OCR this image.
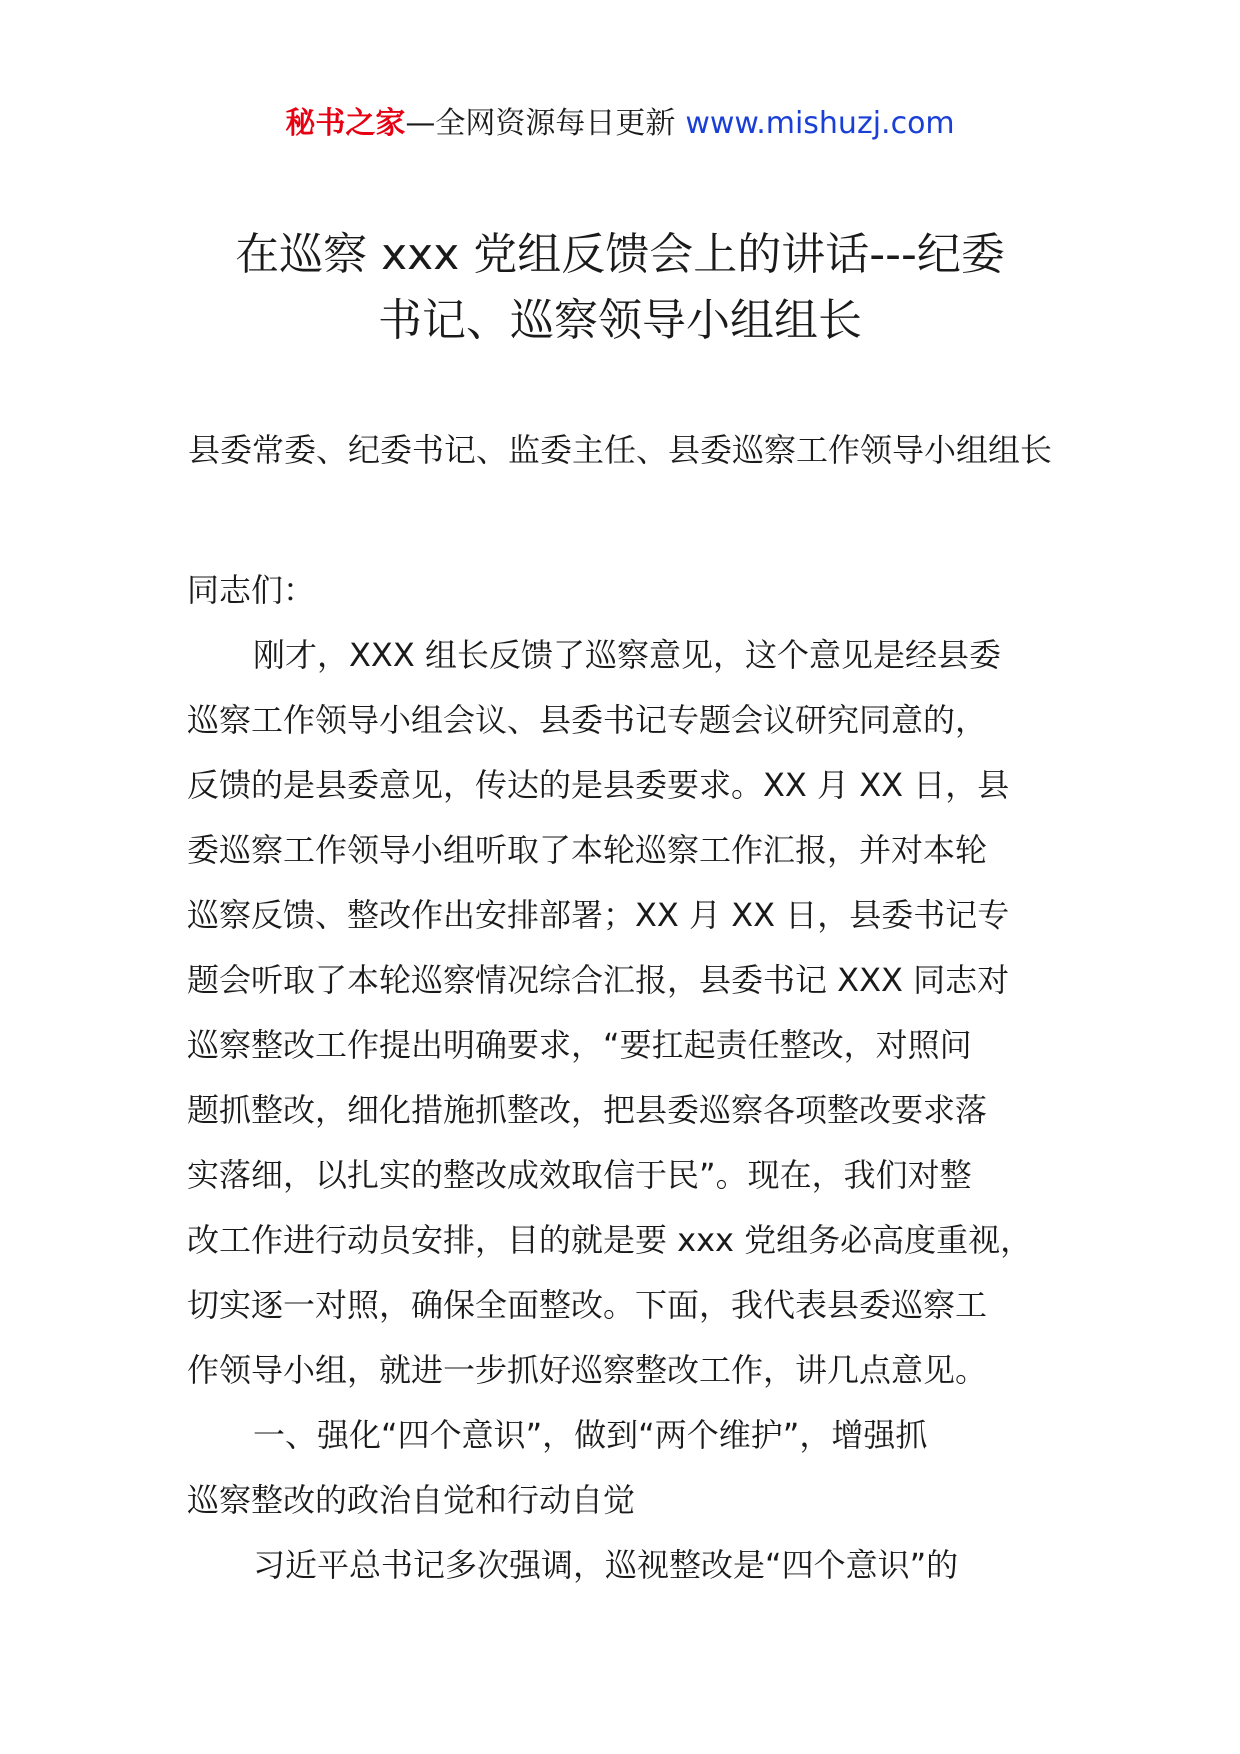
秘书之家—全网资源每日更新 www.mishuzj.com
在巡察 xxx 党组反馈会上的讲话---纪委
书记、巡察领导小组组长
县委常委、纪委书记、监委主任、县委巡察工作领导小组组长
同志们：
刚才，XXX 组长反馈了巡察意见，这个意见是经县委
巡察工作领导小组会议、县委书记专题会议研究同意的，
反馈的是县委意见，传达的是县委要求。XX 月 XX 日，县
委巡察工作领导小组听取了本轮巡察工作汇报，并对本轮
巡察反馈、整改作出安排部署；XX 月 XX 日，县委书记专
题会听取了本轮巡察情况综合汇报，县委书记 XXX 同志对
巡察整改工作提出明确要求，“要扛起责任整改，对照问
题抓整改，细化措施抓整改，把县委巡察各项整改要求落
实落细，以扎实的整改成效取信于民”。现在，我们对整
改工作进行动员安排，目的就是要 xxx 党组务必高度重视，
切实逐一对照，确保全面整改。下面，我代表县委巡察工
作领导小组，就进一步抓好巡察整改工作，讲几点意见。
一、强化“四个意识”，做到“两个维护”，增强抓
巡察整改的政治自觉和行动自觉
习近平总书记多次强调，巡视整改是“四个意识”的
